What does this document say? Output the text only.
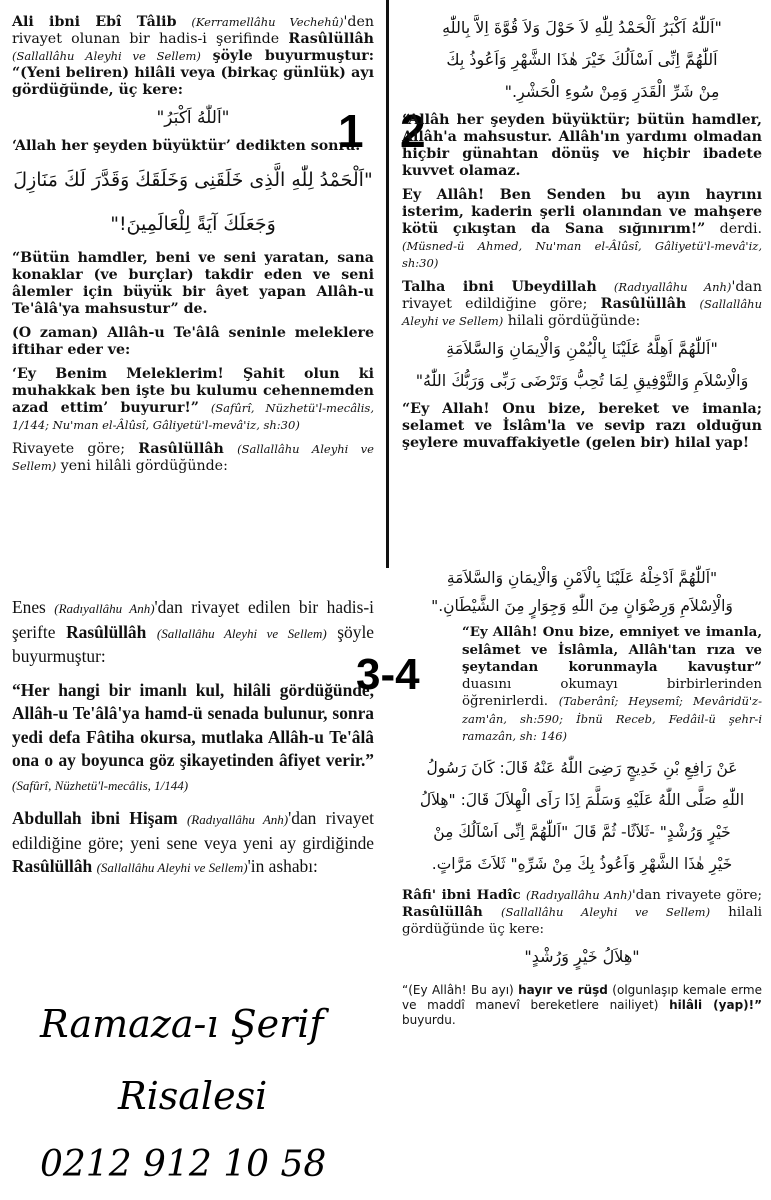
Ali ibni Ebî Tâlib (Kerramellâhu Vechehû)'den rivayet olunan bir hadis-i şerifinde Rasûlüllâh (Sallallâhu Aleyhi ve Sellem) şöyle buyurmuştur: “(Yeni beliren) hilâli veya (birkaç günlük) ayı gördüğünde, üç kere:

"اَللّٰهُ اَكْبَرُ"

‘Allah her şeyden büyüktür’ dedikten sonra:

"اَلْحَمْدُ لِلّٰهِ الَّذِى خَلَقَنِى وَخَلَقَكَ وَقَدَّرَ لَكَ مَنَازِلَ
وَجَعَلَكَ آيَةً لِلْعَالَمِينَ!"

“Bütün hamdler, beni ve seni yaratan, sana konaklar (ve burçlar) takdir eden ve seni âlemler için büyük bir âyet yapan Allâh-u Te'âlâ'ya mahsustur” de.

(O zaman) Allâh-u Te'âlâ seninle meleklere iftihar eder ve:

‘Ey Benim Meleklerim! Şahit olun ki muhakkak ben işte bu kulumu cehennemden azad ettim’ buyurur!” (Safûrî, Nüzhetü'l-mecâlis, 1/144; Nu'man el-Âlûsî, Gâliyetü'l-mevâ'iz, sh:30)

Rivayete göre; Rasûlüllâh (Sallallâhu Aleyhi ve Sellem) yeni hilâli gördüğünde:

1 2
"اَللّٰهُ اَكْبَرُ اَلْحَمْدُ لِلّٰهِ لاَ حَوْلَ وَلاَ قُوَّةَ اِلاَّ بِاللّٰهِ
اَللّٰهُمَّ اِنِّى اَسْاَلُكَ خَيْرَ هٰذَا الشَّهْرِ وَاَعُوذُ بِكَ
مِنْ شَرِّ الْقَدَرِ وَمِنْ سُوءِ الْحَشْرِ."

“Allâh her şeyden büyüktür; bütün hamdler, Allâh'a mahsustur. Allâh'ın yardımı olmadan hiçbir günahtan dönüş ve hiçbir ibadete kuvvet olamaz.

Ey Allâh! Ben Senden bu ayın hayrını isterim, kaderin şerli olanından ve mahşere kötü çıkıştan da Sana sığınırım!” derdi. (Müsned-ü Ahmed, Nu'man el-Âlûsî, Gâliyetü'l-mevâ'iz, sh:30)

Talha ibni Ubeydillah (Radıyallâhu Anh)'dan rivayet edildiğine göre; Rasûlüllâh (Sallallâhu Aleyhi ve Sellem) hilali gördüğünde:

"اَللّٰهُمَّ اَهِلَّهُ عَلَيْنَا بِالْيُمْنِ وَالْاِيمَانِ وَالسَّلاَمَةِ
وَالْاِسْلاَمِ وَالتَّوْفِيقِ لِمَا تُحِبُّ وَتَرْضَى رَبِّى وَرَبُّكَ اللّٰهُ"

“Ey Allah! Onu bize, bereket ve imanla; selamet ve İslâm'la ve sevip razı olduğun şeylere muvaffakiyetle (gelen bir) hilal yap!

Enes (Radıyallâhu Anh)'dan rivayet edilen bir hadis-i şerifte Rasûlüllâh (Sallallâhu Aleyhi ve Sellem) şöyle buyurmuştur:

“Her hangi bir imanlı kul, hilâli gördüğünde, Allâh-u Te'âlâ'ya hamd-ü senada bulunur, sonra yedi defa Fâtiha okursa, mutlaka Allâh-u Te'âlâ ona o ay boyunca göz şikayetinden âfiyet verir.” (Safûrî, Nüzhetü'l-mecâlis, 1/144)

Abdullah ibni Hişam (Radıyallâhu Anh)'dan rivayet edildiğine göre; yeni sene veya yeni ay girdiğinde Rasûlüllâh (Sallallâhu Aleyhi ve Sellem)'in ashabı:

Ramaza-ı Şerif
Risalesi
0212 912 10 58
"اَللّٰهُمَّ اَدْخِلْهُ عَلَيْنَا بِالْاَمْنِ وَالْاِيمَانِ وَالسَّلاَمَةِ
وَالْاِسْلاَمِ وَرِضْوَانٍ مِنَ اللّٰهِ وَجِوَارٍ مِنَ الشَّيْطَانِ."

“Ey Allâh! Onu bize, emniyet ve imanla, selâmet ve İslâmla, Allâh'tan rıza ve şeytandan korunmayla kavuştur” duasını okumayı birbirlerinden öğrenirlerdi. (Taberânî; Heysemî; Mevâridü'z-zam'ân, sh:590; İbnü Receb, Fedâil-ü şehr-i ramazân, sh: 146)

عَنْ رَافِعِ بْنِ خَدِيجٍ رَضِىَ اللّٰهُ عَنْهُ قَالَ: كَانَ رَسُولُ
اللّٰهِ صَلَّى اللّٰهُ عَلَيْهِ وَسَلَّمَ اِذَا رَاَى الْهِلاَلَ قَالَ: "هِلاَلُ
خَيْرٍ وَرُشْدٍ" -ثَلاَثًا- ثُمَّ قَالَ "اَللّٰهُمَّ اِنِّى اَسْاَلُكَ مِنْ
خَيْرِ هٰذَا الشَّهْرِ وَاَعُوذُ بِكَ مِنْ شَرِّهِ" ثَلاَثَ مَرَّاتٍ.

Râfi' ibni Hadîc (Radıyallâhu Anh)'dan rivayete göre; Rasûlüllâh (Sallallâhu Aleyhi ve Sellem) hilali gördüğünde üç kere:

"هِلاَلُ خَيْرٍ وَرُشْدٍ"

“(Ey Allâh! Bu ayı) hayır ve rüşd (olgunlaşıp kemale erme ve maddî manevî bereketlere nailiyet) hilâli (yap)!” buyurdu.

3-4
